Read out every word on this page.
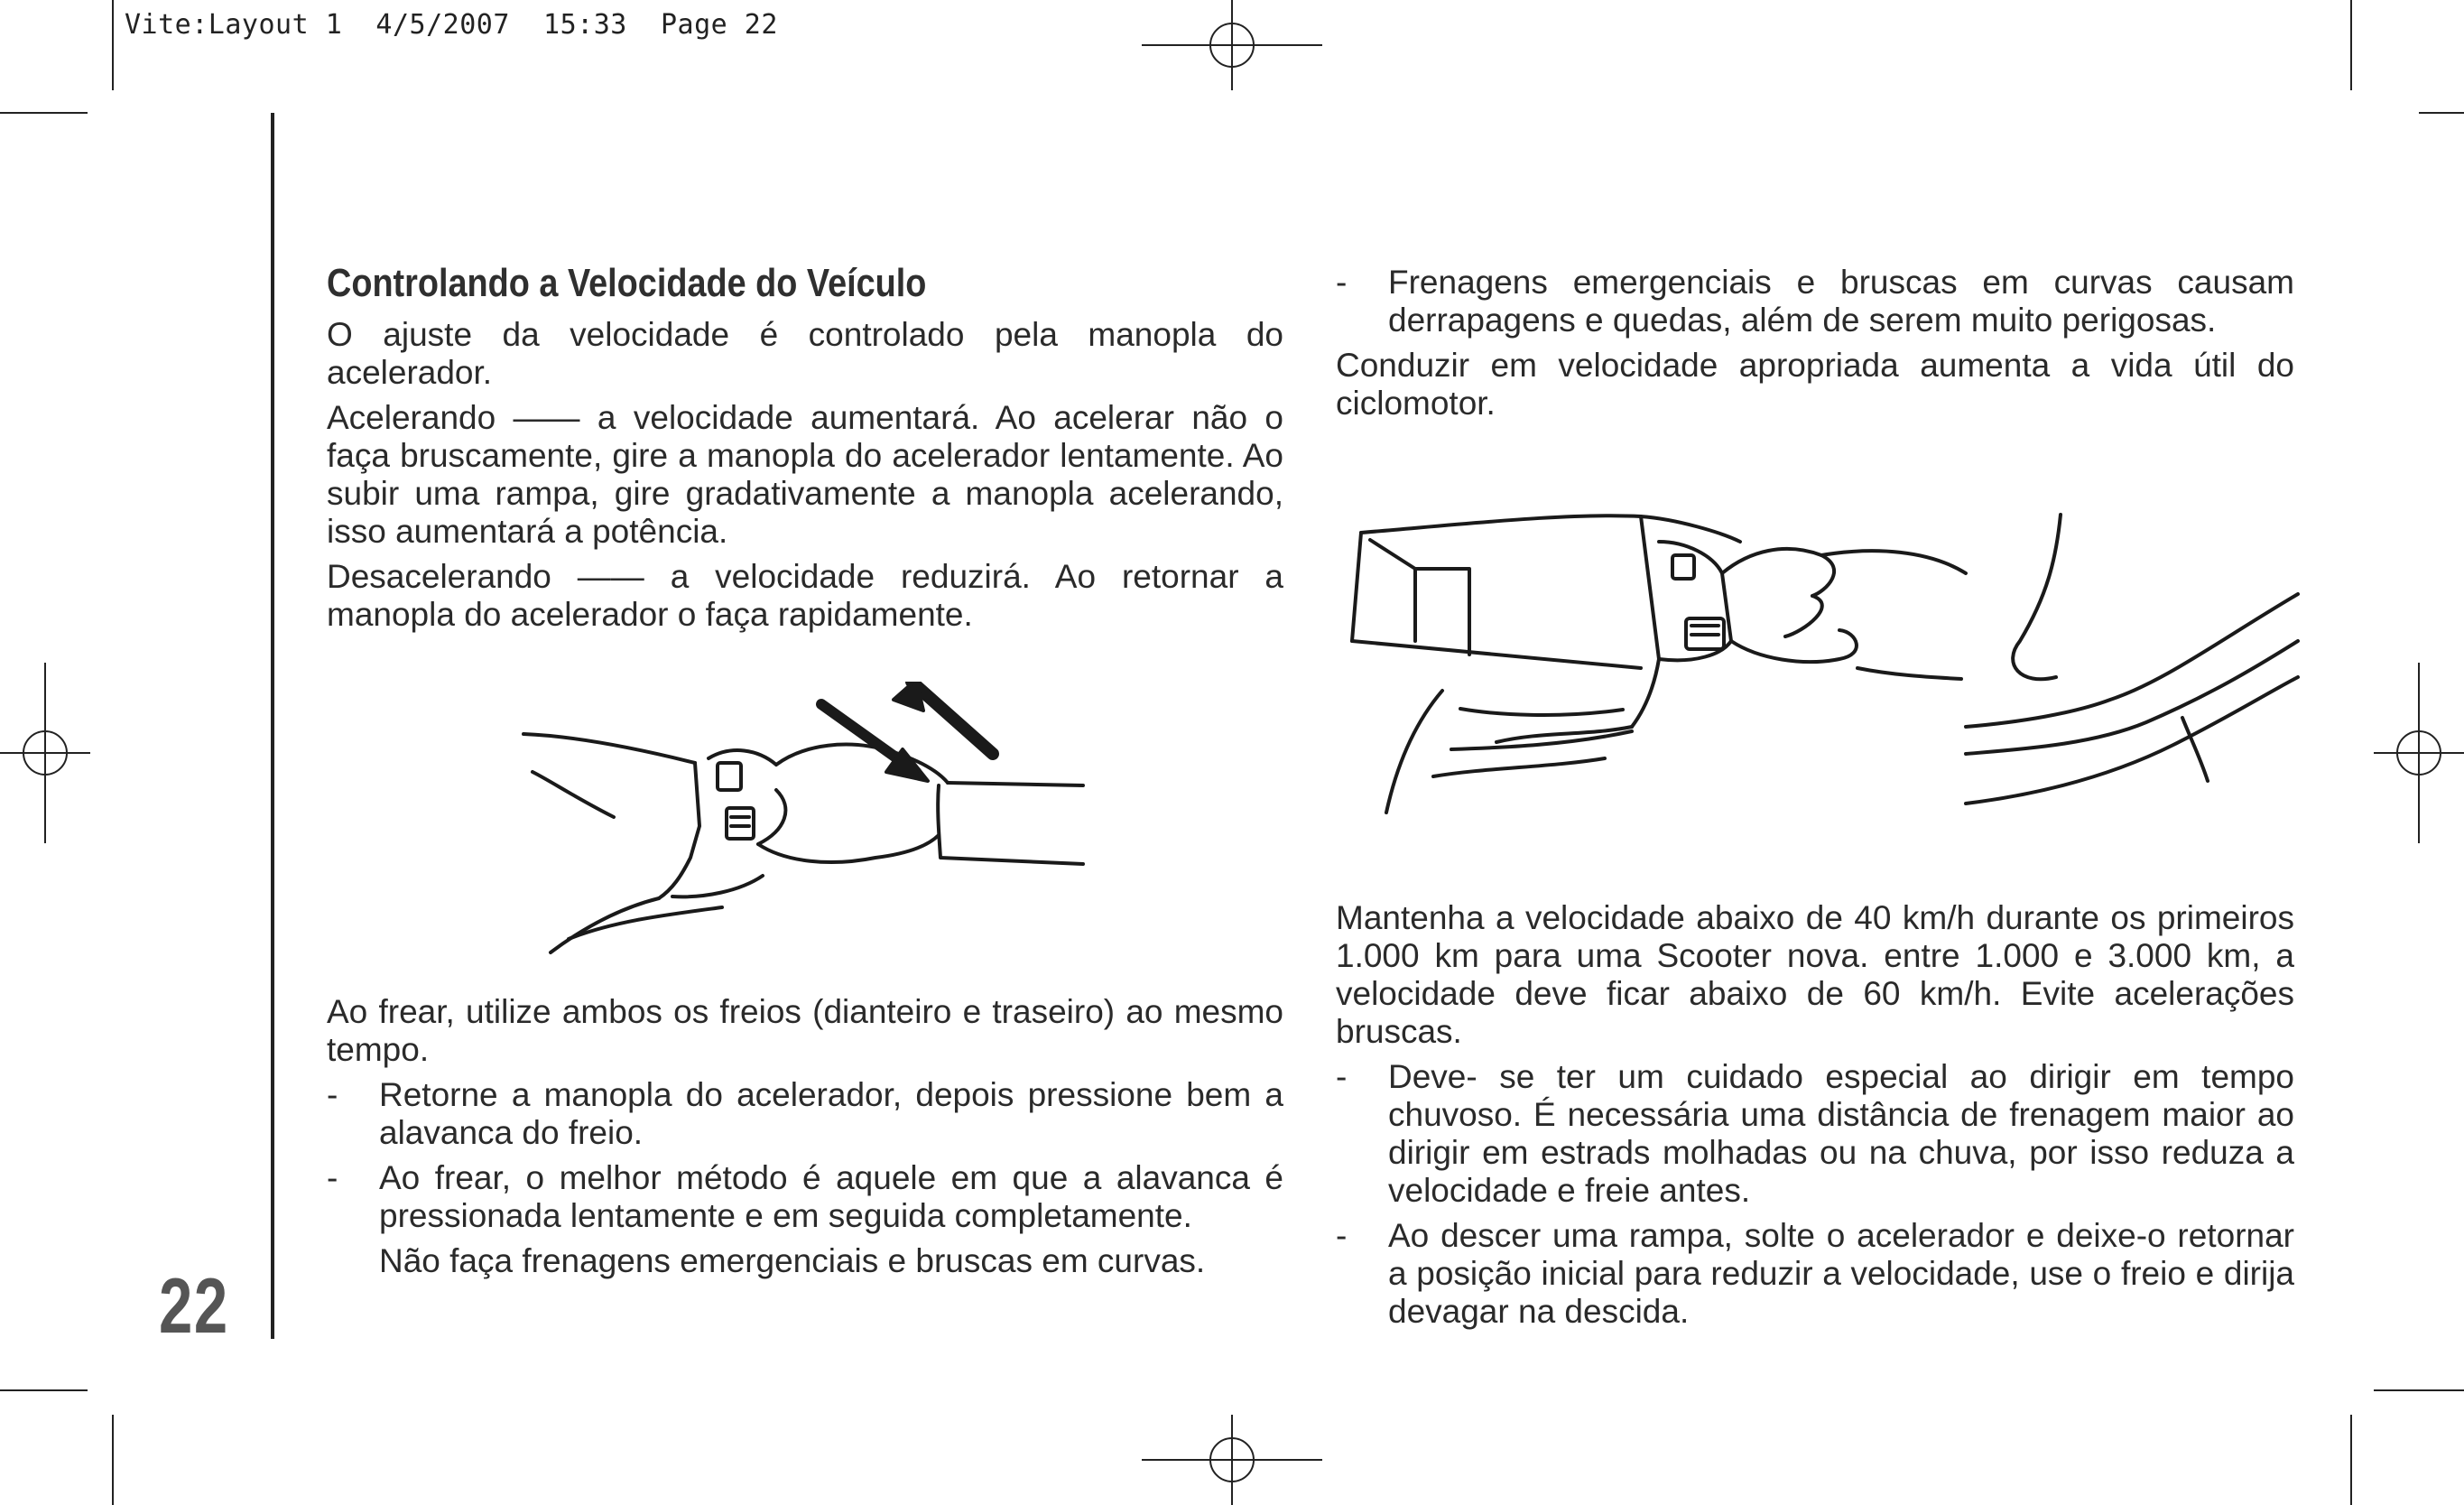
Vite:Layout 1  4/5/2007  15:33  Page 22
22
Controlando a Velocidade do Veículo

O ajuste da velocidade é controlado pela manopla do acelerador.

Acelerando —— a velocidade aumentará. Ao acelerar não o faça bruscamente, gire a manopla do acelerador lentamente. Ao subir uma rampa, gire gradativamente a manopla acelerando, isso aumentará a potência.

Desacelerando —— a velocidade reduzirá. Ao retornar a manopla do acelerador o faça rapidamente.

Ao frear, utilize ambos os freios (dianteiro e traseiro) ao mesmo tempo.

- Retorne a manopla do acelerador, depois pressione bem a alavanca do freio.
- Ao frear, o melhor método é aquele em que a alavanca é pressionada lentamente e em seguida completamente.
Não faça frenagens emergenciais e bruscas em curvas.
- Frenagens emergenciais e bruscas em curvas causam derrapagens e quedas, além de serem muito perigosas.

Conduzir em velocidade apropriada aumenta a vida útil do ciclomotor.

Mantenha a velocidade abaixo de 40 km/h durante os primeiros 1.000 km para uma Scooter nova. entre 1.000 e 3.000 km, a velocidade deve ficar abaixo de 60 km/h. Evite acelerações bruscas.

- Deve- se ter um cuidado especial ao dirigir em tempo chuvoso. É necessária uma distância de frenagem maior ao dirigir em estrads molhadas ou na chuva, por isso reduza a velocidade e freie antes.
- Ao descer uma rampa, solte o acelerador e deixe-o retornar a posição inicial para reduzir a velocidade, use o freio e dirija devagar na descida.
